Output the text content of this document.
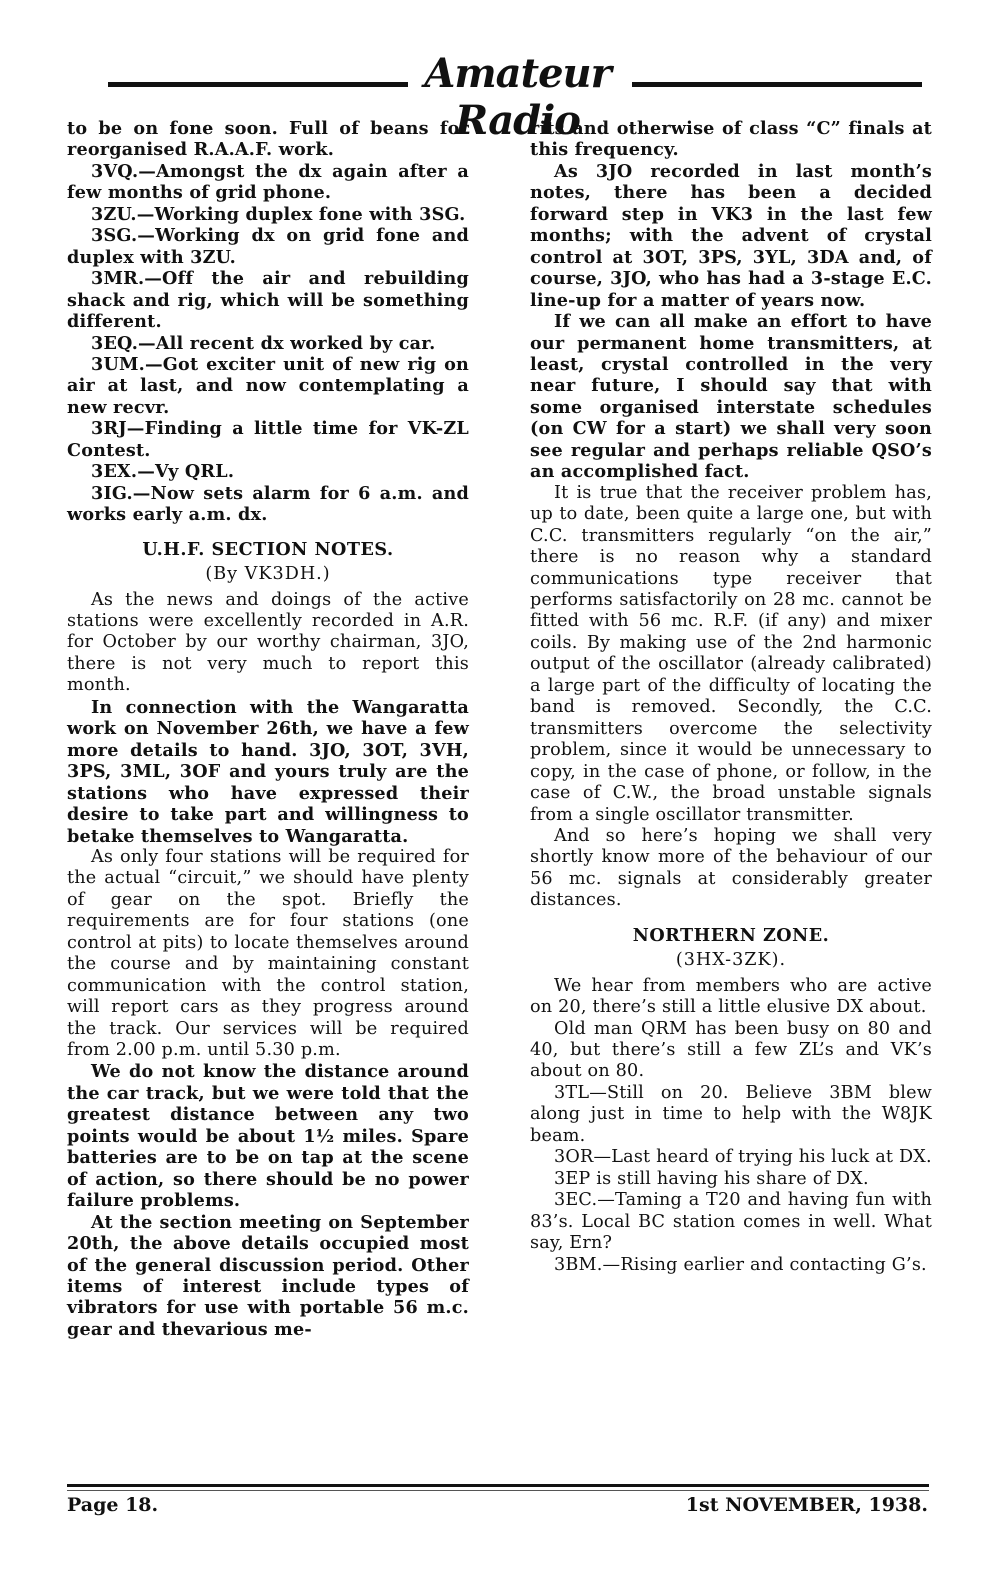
Amateur Radio

to be on fone soon. Full of beans for reorganised R.A.A.F. work.

3VQ.—Amongst the dx again after a few months of grid phone.

3ZU.—Working duplex fone with 3SG.

3SG.—Working dx on grid fone and duplex with 3ZU.

3MR.—Off the air and rebuilding shack and rig, which will be something different.

3EQ.—All recent dx worked by car.

3UM.—Got exciter unit of new rig on air at last, and now contemplating a new recvr.

3RJ—Finding a little time for VK-ZL Contest.

3EX.—Vy QRL.

3IG.—Now sets alarm for 6 a.m. and works early a.m. dx.

U.H.F. SECTION NOTES.
(By VK3DH.)

As the news and doings of the active stations were excellently recorded in A.R. for October by our worthy chairman, 3JO, there is not very much to report this month.

In connection with the Wangaratta work on November 26th, we have a few more details to hand. 3JO, 3OT, 3VH, 3PS, 3ML, 3OF and yours truly are the stations who have expressed their desire to take part and willingness to betake themselves to Wangaratta.

As only four stations will be required for the actual “circuit,” we should have plenty of gear on the spot. Briefly the requirements are for four stations (one control at pits) to locate themselves around the course and by maintaining constant communication with the control station, will report cars as they progress around the track. Our services will be required from 2.00 p.m. until 5.30 p.m.

We do not know the distance around the car track, but we were told that the greatest distance between any two points would be about 1½ miles. Spare batteries are to be on tap at the scene of action, so there should be no power failure problems.

At the section meeting on September 20th, the above details occupied most of the general discussion period. Other items of interest include types of vibrators for use with portable 56 m.c. gear and thevarious me-

rits and otherwise of class “C” finals at this frequency.

As 3JO recorded in last month’s notes, there has been a decided forward step in VK3 in the last few months; with the advent of crystal control at 3OT, 3PS, 3YL, 3DA and, of course, 3JO, who has had a 3-stage E.C. line-up for a matter of years now.

If we can all make an effort to have our permanent home transmitters, at least, crystal controlled in the very near future, I should say that with some organised interstate schedules (on CW for a start) we shall very soon see regular and perhaps reliable QSO’s an accomplished fact.

It is true that the receiver problem has, up to date, been quite a large one, but with C.C. transmitters regularly “on the air,” there is no reason why a standard communications type receiver that performs satisfactorily on 28 mc. cannot be fitted with 56 mc. R.F. (if any) and mixer coils. By making use of the 2nd harmonic output of the oscillator (already calibrated) a large part of the difficulty of locating the band is removed. Secondly, the C.C. transmitters overcome the selectivity problem, since it would be unnecessary to copy, in the case of phone, or follow, in the case of C.W., the broad unstable signals from a single oscillator transmitter.

And so here’s hoping we shall very shortly know more of the behaviour of our 56 mc. signals at considerably greater distances.

NORTHERN ZONE.
(3HX-3ZK).

We hear from members who are active on 20, there’s still a little elusive DX about.

Old man QRM has been busy on 80 and 40, but there’s still a few ZL’s and VK’s about on 80.

3TL—Still on 20. Believe 3BM blew along just in time to help with the W8JK beam.

3OR—Last heard of trying his luck at DX.

3EP is still having his share of DX.

3EC.—Taming a T20 and having fun with 83’s. Local BC station comes in well. What say, Ern?

3BM.—Rising earlier and contacting G’s.

Page 18.	1st NOVEMBER, 1938.
